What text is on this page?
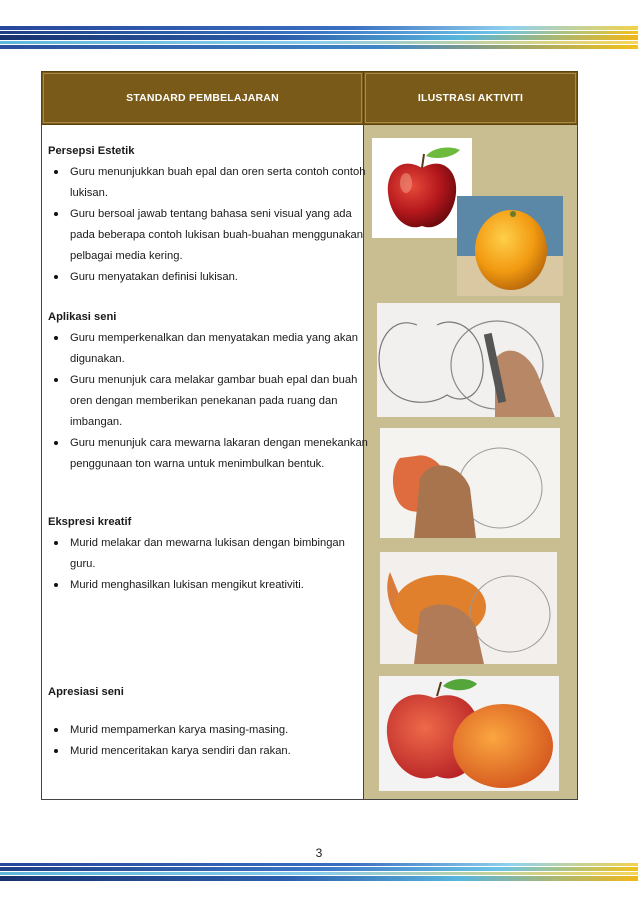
STANDARD PEMBELAJARAN	ILUSTRASI AKTIVITI

Persepsi Estetik

Guru menunjukkan buah epal dan oren serta contoh contoh lukisan.
Guru bersoal jawab tentang bahasa seni visual yang ada pada beberapa contoh lukisan buah-buahan menggunakan pelbagai media kering.
Guru menyatakan definisi lukisan.

Aplikasi seni

Guru memperkenalkan dan menyatakan media yang akan digunakan.
Guru menunjuk cara melakar gambar buah epal dan buah oren dengan memberikan penekanan pada ruang dan imbangan.
Guru menunjuk cara mewarna lakaran dengan menekankan penggunaan ton warna untuk menimbulkan bentuk.

Ekspresi kreatif

Murid melakar dan mewarna lukisan dengan bimbingan guru.
Murid menghasilkan lukisan mengikut kreativiti.

Apresiasi seni

Murid mempamerkan karya masing-masing.
Murid menceritakan karya sendiri dan rakan.
3
